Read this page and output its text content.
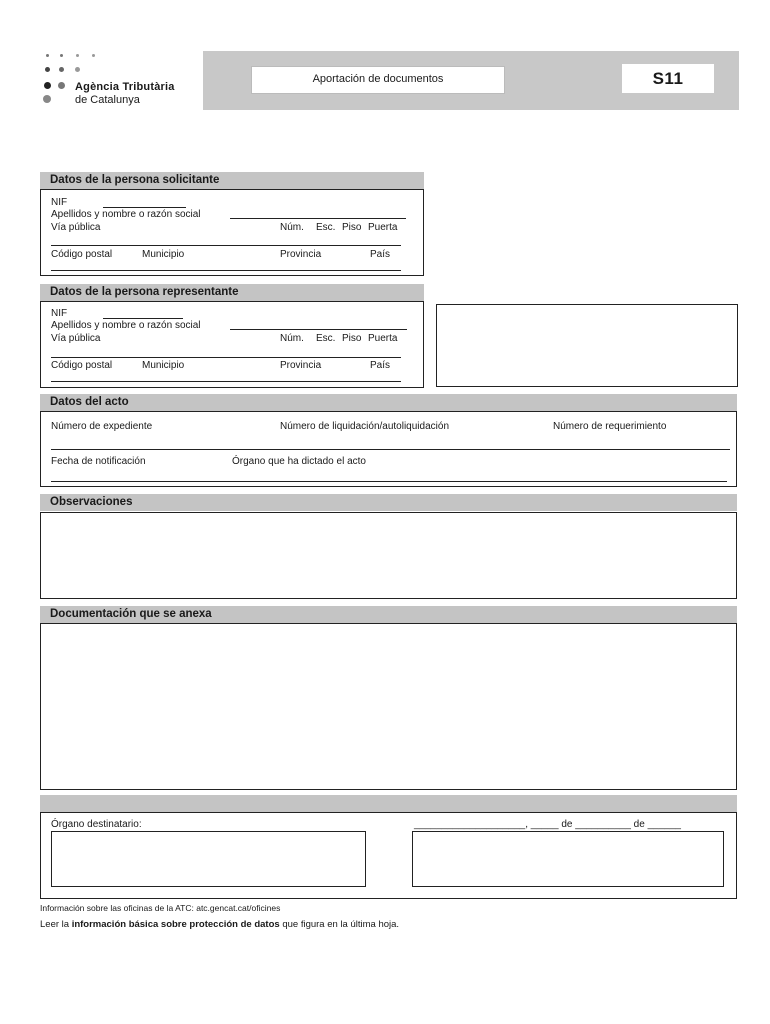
Agència Tributària
de Catalunya
Aportación de documentos	S11
Datos de la persona solicitante
NIF
Apellidos y nombre o razón social
Vía pública	Núm. Esc. Piso Puerta
Código postal	Municipio	Provincia	País
Datos de la persona representante
NIF
Apellidos y nombre o razón social
Vía pública	Núm. Esc. Piso Puerta
Código postal	Municipio	Provincia	País
Datos del acto
Número de expediente	Número de liquidación/autoliquidación	Número de requerimiento
Fecha de notificación	Órgano que ha dictado el acto
Observaciones
Documentación que se anexa
Órgano destinatario:	____________________, _____ de __________ de ______
Información sobre las oficinas de la ATC: atc.gencat.cat/oficines
Leer la información básica sobre protección de datos que figura en la última hoja.
